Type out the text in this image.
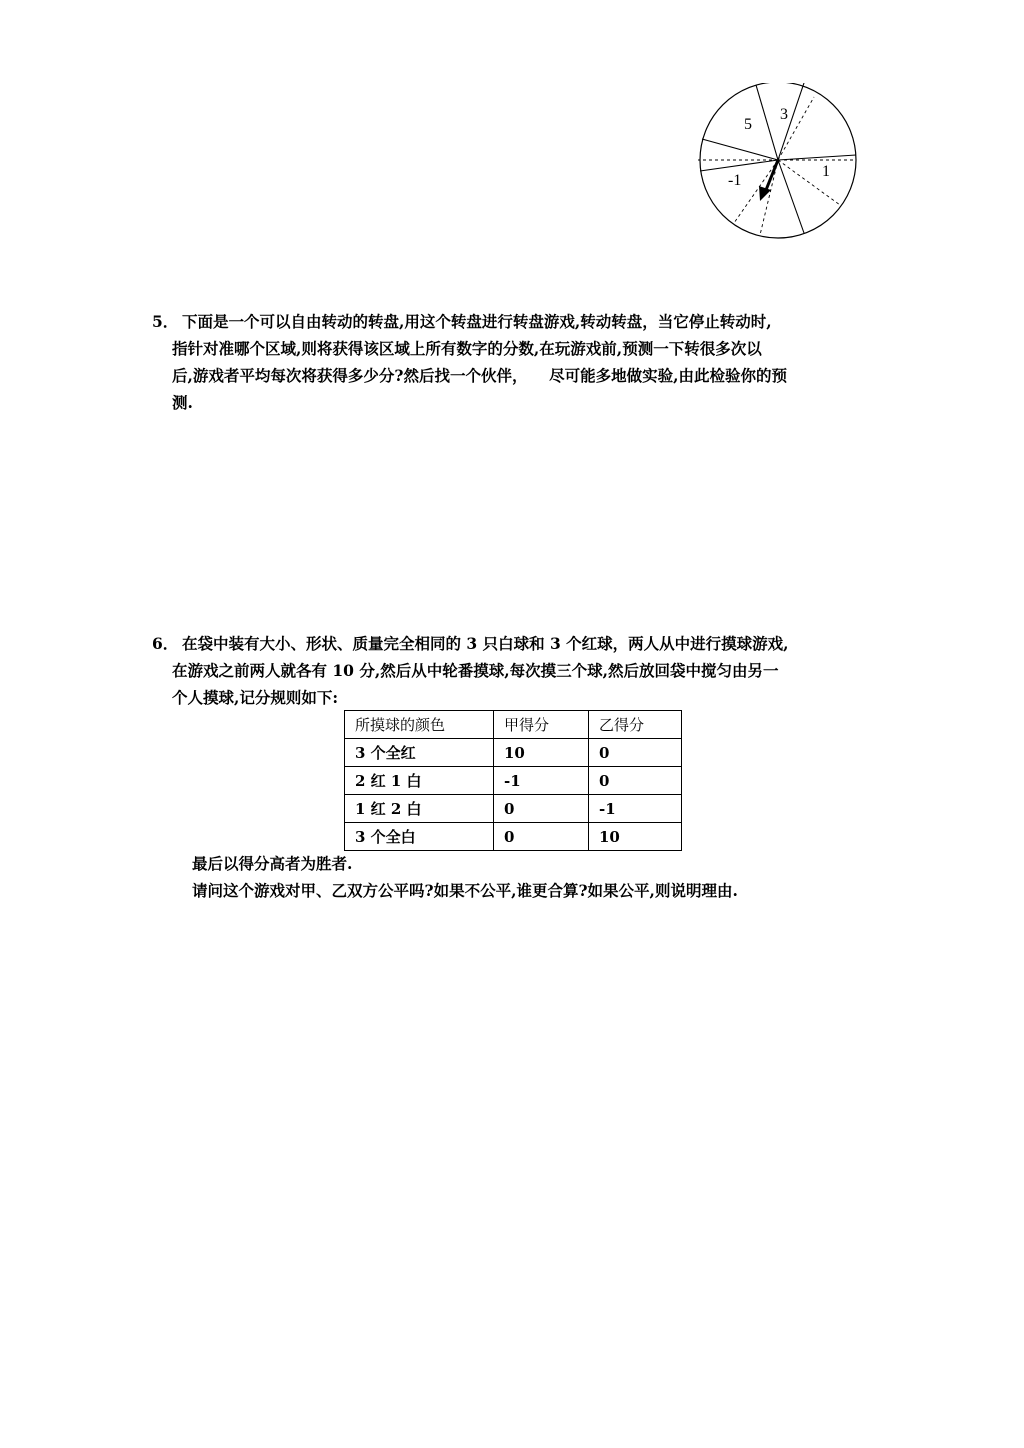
5
3
1
-1
5． 下面是一个可以自由转动的转盘,用这个转盘进行转盘游戏,转动转盘，当它停止转动时,
指针对准哪个区域,则将获得该区域上所有数字的分数,在玩游戏前,预测一下转很多次以
后,游戏者平均每次将获得多少分?然后找一个伙伴，    尽可能多地做实验,由此检验你的预
测.
6． 在袋中装有大小、形状、质量完全相同的 3 只白球和 3 个红球，两人从中进行摸球游戏,
在游戏之前两人就各有 10 分,然后从中轮番摸球,每次摸三个球,然后放回袋中搅匀由另一
个人摸球,记分规则如下:
所摸球的颜色	甲得分	乙得分
3 个全红	10	0
2 红 1 白	-1	0
1 红 2 白	0	-1
3 个全白	0	10
最后以得分高者为胜者.
请问这个游戏对甲、乙双方公平吗?如果不公平,谁更合算?如果公平,则说明理由.
